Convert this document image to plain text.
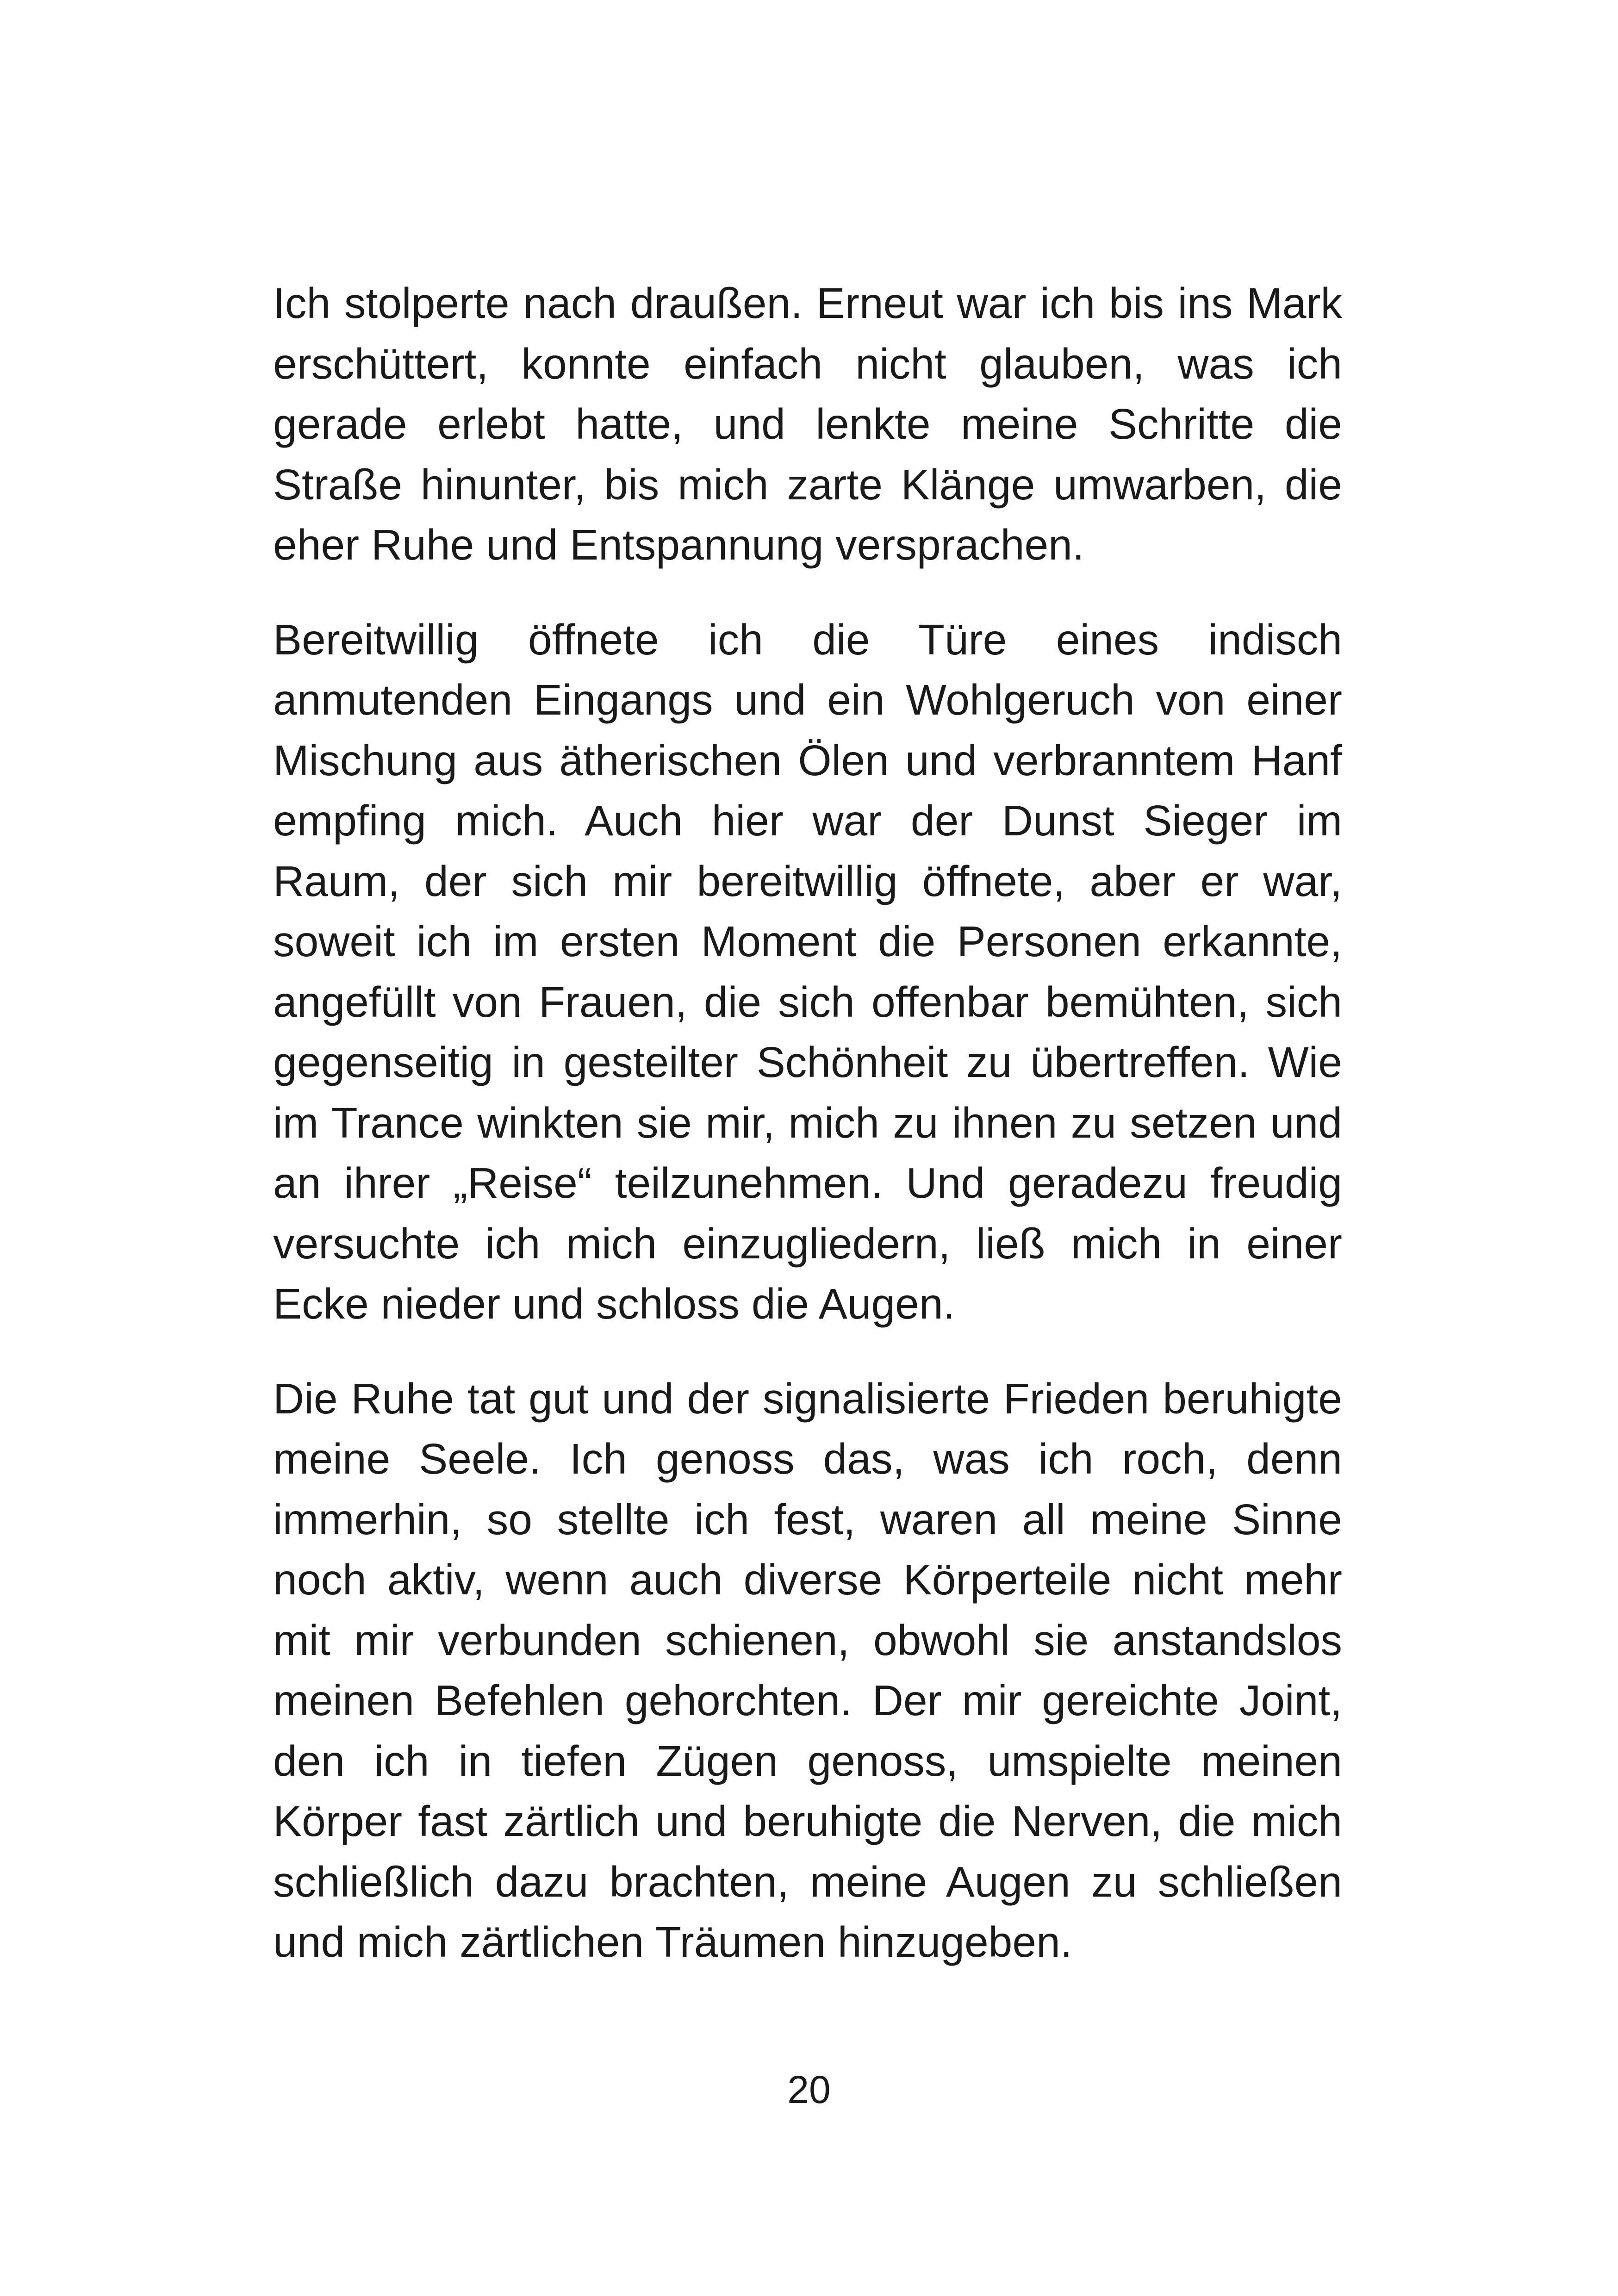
Ich stolperte nach draußen. Erneut war ich bis ins Mark erschüttert, konnte einfach nicht glauben, was ich gerade erlebt hatte, und lenkte meine Schritte die Straße hinunter, bis mich zarte Klänge umwarben, die eher Ruhe und Entspannung versprachen.

Bereitwillig öffnete ich die Türe eines indisch anmutenden Eingangs und ein Wohlgeruch von einer Mischung aus ätherischen Ölen und verbranntem Hanf empfing mich. Auch hier war der Dunst Sieger im Raum, der sich mir bereitwillig öffnete, aber er war, soweit ich im ersten Moment die Personen erkannte, angefüllt von Frauen, die sich offenbar bemühten, sich gegenseitig in gesteilter Schönheit zu übertreffen. Wie im Trance winkten sie mir, mich zu ihnen zu setzen und an ihrer „Reise“ teilzunehmen. Und geradezu freudig versuchte ich mich einzugliedern, ließ mich in einer Ecke nieder und schloss die Augen.

Die Ruhe tat gut und der signalisierte Frieden beruhigte meine Seele. Ich genoss das, was ich roch, denn immerhin, so stellte ich fest, waren all meine Sinne noch aktiv, wenn auch diverse Körperteile nicht mehr mit mir verbunden schienen, obwohl sie anstandslos meinen Befehlen gehorchten. Der mir gereichte Joint, den ich in tiefen Zügen genoss, umspielte meinen Körper fast zärtlich und beruhigte die Nerven, die mich schließlich dazu brachten, meine Augen zu schließen und mich zärtlichen Träumen hinzugeben.

20
